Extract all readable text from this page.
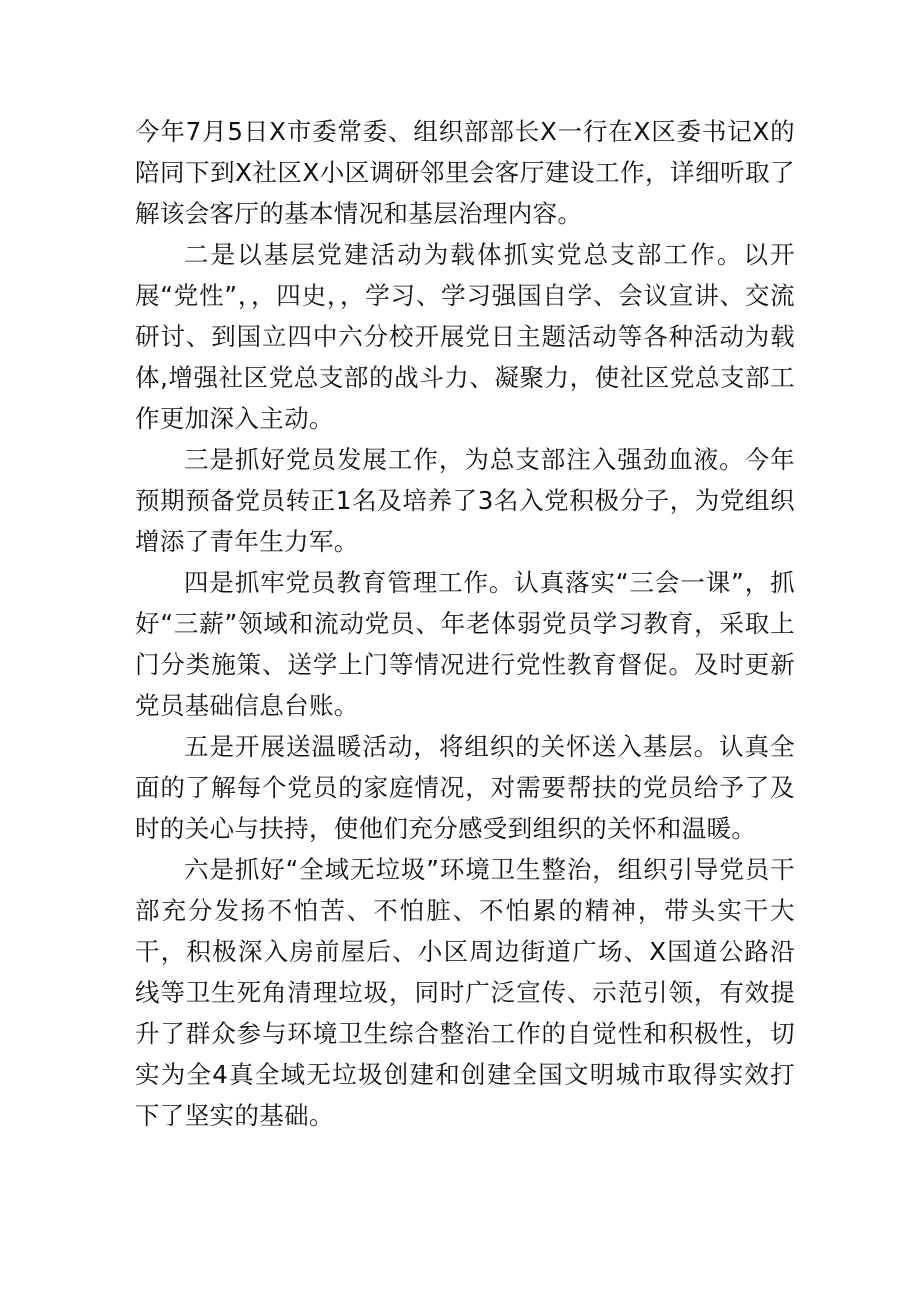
今年7月5日X市委常委、组织部部长X一行在X区委书记X的陪同下到X社区X小区调研邻里会客厅建设工作，详细听取了解该会客厅的基本情况和基层治理内容。

二是以基层党建活动为载体抓实党总支部工作。以开展“党性”，，四史，，学习、学习强国自学、会议宣讲、交流研讨、到国立四中六分校开展党日主题活动等各种活动为载体,增强社区党总支部的战斗力、凝聚力，使社区党总支部工作更加深入主动。

三是抓好党员发展工作，为总支部注入强劲血液。今年预期预备党员转正1名及培养了3名入党积极分子，为党组织增添了青年生力军。

四是抓牢党员教育管理工作。认真落实“三会一课”，抓好“三薪”领域和流动党员、年老体弱党员学习教育，采取上门分类施策、送学上门等情况进行党性教育督促。及时更新党员基础信息台账。

五是开展送温暖活动，将组织的关怀送入基层。认真全面的了解每个党员的家庭情况，对需要帮扶的党员给予了及时的关心与扶持，使他们充分感受到组织的关怀和温暖。

六是抓好“全域无垃圾”环境卫生整治，组织引导党员干部充分发扬不怕苦、不怕脏、不怕累的精神，带头实干大干，积极深入房前屋后、小区周边街道广场、X国道公路沿线等卫生死角清理垃圾，同时广泛宣传、示范引领，有效提升了群众参与环境卫生综合整治工作的自觉性和积极性，切实为全4真全域无垃圾创建和创建全国文明城市取得实效打下了坚实的基础。
